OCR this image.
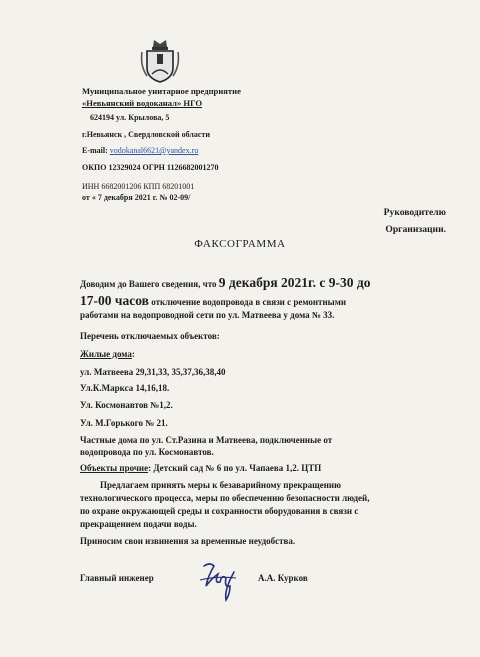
Муниципальное унитарное предприятие
«Невьянский водоканал» НГО
624194 ул. Крылова, 5
г.Невьянск , Свердловской области
E-mail: vodokanal6621@yandex.ru
ОКПО 12329024 ОГРН 1126682001270
ИНН 6682001206 КПП 68201001
от « 7 декабря 2021 г. № 02-09/
Руководителю
Организации.
ФАКСОГРАММА
Доводим до Вашего сведения, что 9 декабря 2021г. с 9-30 до
17-00 часов отключение водопровода в связи с ремонтными
работами на водопроводной сети по ул. Матвеева у дома № 33.
Перечень отключаемых объектов:
Жилые дома:
ул. Матвеева 29,31,33, 35,37,36,38,40
Ул.К.Маркса 14,16,18.
Ул. Космонавтов №1,2.
Ул. М.Горького № 21.
Частные дома по ул. Ст.Разина и Матвеева, подключенные от
водопровода по ул. Космонавтов.
Объекты прочие: Детский сад № 6 по ул. Чапаева 1,2. ЦТП
Предлагаем принять меры к безаварийному прекращению
технологического процесса, меры по обеспечению безопасности людей,
по охране окружающей среды и сохранности оборудования в связи с
прекращением подачи воды.
Приносим свои извинения за временные неудобства.
Главный инженер	А.А. Курков
